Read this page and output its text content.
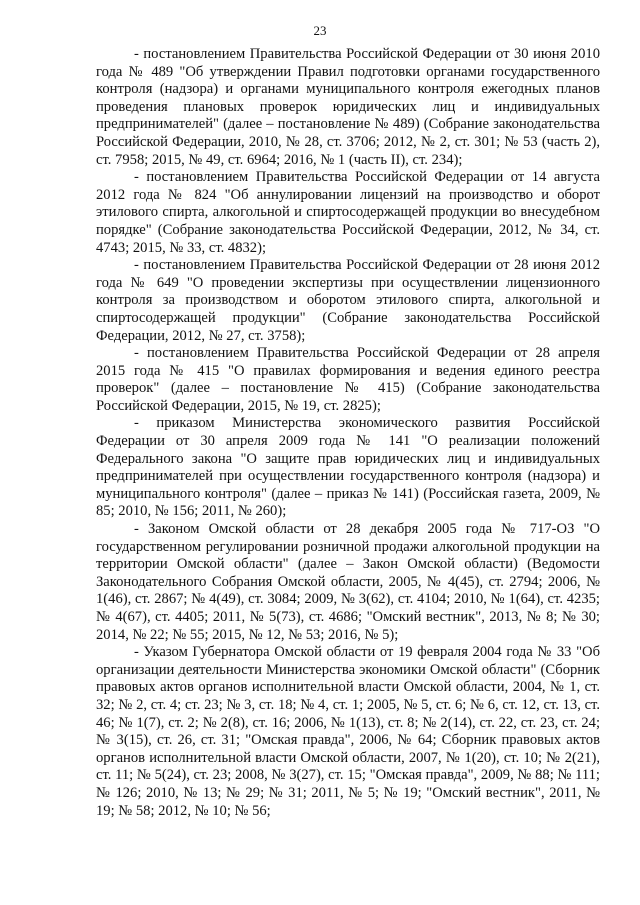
23

- постановлением Правительства Российской Федерации от 30 июня 2010 года № 489 "Об утверждении Правил подготовки органами государственного контроля (надзора) и органами муниципального контроля ежегодных планов проведения плановых проверок юридических лиц и индивидуальных предпринимателей" (далее – постановление № 489) (Собрание законодательства Российской Федерации, 2010, № 28, ст. 3706; 2012, № 2, ст. 301; № 53 (часть 2), ст. 7958; 2015, № 49, ст. 6964; 2016, № 1 (часть II), ст. 234);

- постановлением Правительства Российской Федерации от 14 августа 2012 года № 824 "Об аннулировании лицензий на производство и оборот этилового спирта, алкогольной и спиртосодержащей продукции во внесудебном порядке" (Собрание законодательства Российской Федерации, 2012, № 34, ст. 4743; 2015, № 33, ст. 4832);

- постановлением Правительства Российской Федерации от 28 июня 2012 года № 649 "О проведении экспертизы при осуществлении лицензионного контроля за производством и оборотом этилового спирта, алкогольной и спиртосодержащей продукции" (Собрание законодательства Российской Федерации, 2012, № 27, ст. 3758);

- постановлением Правительства Российской Федерации от 28 апреля 2015 года № 415 "О правилах формирования и ведения единого реестра проверок" (далее – постановление № 415) (Собрание законодательства Российской Федерации, 2015, № 19, ст. 2825);

- приказом Министерства экономического развития Российской Федерации от 30 апреля 2009 года № 141 "О реализации положений Федерального закона "О защите прав юридических лиц и индивидуальных предпринимателей при осуществлении государственного контроля (надзора) и муниципального контроля" (далее – приказ № 141) (Российская газета, 2009, № 85; 2010, № 156; 2011, № 260);

- Законом Омской области от 28 декабря 2005 года № 717-ОЗ "О государственном регулировании розничной продажи алкогольной продукции на территории Омской области" (далее – Закон Омской области) (Ведомости Законодательного Собрания Омской области, 2005, № 4(45), ст. 2794; 2006, № 1(46), ст. 2867; № 4(49), ст. 3084; 2009, № 3(62), ст. 4104; 2010, № 1(64), ст. 4235; № 4(67), ст. 4405; 2011, № 5(73), ст. 4686; "Омский вестник", 2013, № 8; № 30; 2014, № 22; № 55; 2015, № 12, № 53; 2016, № 5);

- Указом Губернатора Омской области от 19 февраля 2004 года № 33 "Об организации деятельности Министерства экономики Омской области" (Сборник правовых актов органов исполнительной власти Омской области, 2004, № 1, ст. 32; № 2, ст. 4; ст. 23; № 3, ст. 18; № 4, ст. 1; 2005, № 5, ст. 6; № 6, ст. 12, ст. 13, ст. 46; № 1(7), ст. 2; № 2(8), ст. 16; 2006, № 1(13), ст. 8; № 2(14), ст. 22, ст. 23, ст. 24; № 3(15), ст. 26, ст. 31; "Омская правда", 2006, № 64; Сборник правовых актов органов исполнительной власти Омской области, 2007, № 1(20), ст. 10; № 2(21), ст. 11; № 5(24), ст. 23; 2008, № 3(27), ст. 15; "Омская правда", 2009, № 88; № 111; № 126; 2010, № 13; № 29; № 31; 2011, № 5; № 19; "Омский вестник", 2011, № 19; № 58; 2012, № 10; № 56;
